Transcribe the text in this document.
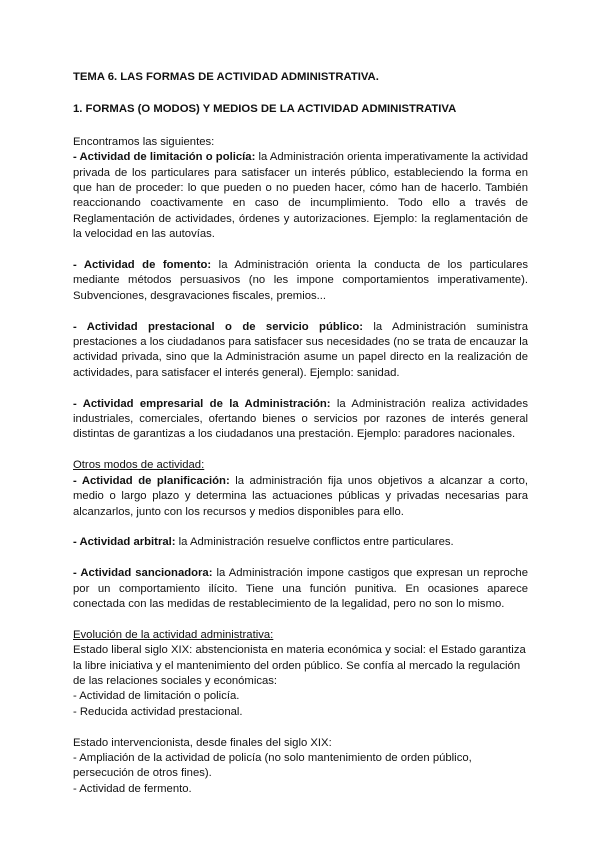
TEMA 6. LAS FORMAS DE ACTIVIDAD ADMINISTRATIVA.
1. FORMAS (O MODOS) Y MEDIOS DE LA ACTIVIDAD ADMINISTRATIVA

Encontramos las siguientes:

- Actividad de limitación o policía: la Administración orienta imperativamente la actividad privada de los particulares para satisfacer un interés público, estableciendo la forma en que han de proceder: lo que pueden o no pueden hacer, cómo han de hacerlo. También reaccionando coactivamente en caso de incumplimiento. Todo ello a través de Reglamentación de actividades, órdenes y autorizaciones. Ejemplo: la reglamentación de la velocidad en las autovías.

- Actividad de fomento: la Administración orienta la conducta de los particulares mediante métodos persuasivos (no les impone comportamientos imperativamente). Subvenciones, desgravaciones fiscales, premios...

- Actividad prestacional o de servicio público: la Administración suministra prestaciones a los ciudadanos para satisfacer sus necesidades (no se trata de encauzar la actividad privada, sino que la Administración asume un papel directo en la realización de actividades, para satisfacer el interés general). Ejemplo: sanidad.

- Actividad empresarial de la Administración: la Administración realiza actividades industriales, comerciales, ofertando bienes o servicios por razones de interés general distintas de garantizas a los ciudadanos una prestación. Ejemplo: paradores nacionales.

Otros modos de actividad:

- Actividad de planificación: la administración fija unos objetivos a alcanzar a corto, medio o largo plazo y determina las actuaciones públicas y privadas necesarias para alcanzarlos, junto con los recursos y medios disponibles para ello.

- Actividad arbitral: la Administración resuelve conflictos entre particulares.

- Actividad sancionadora: la Administración impone castigos que expresan un reproche por un comportamiento ilícito. Tiene una función punitiva. En ocasiones aparece conectada con las medidas de restablecimiento de la legalidad, pero no son lo mismo.

Evolución de la actividad administrativa:

Estado liberal siglo XIX: abstencionista en materia económica y social: el Estado garantiza la libre iniciativa y el mantenimiento del orden público. Se confía al mercado la regulación de las relaciones sociales y económicas:

- Actividad de limitación o policía.

- Reducida actividad prestacional.

Estado intervencionista, desde finales del siglo XIX:

- Ampliación de la actividad de policía (no solo mantenimiento de orden público, persecución de otros fines).

- Actividad de fermento.
